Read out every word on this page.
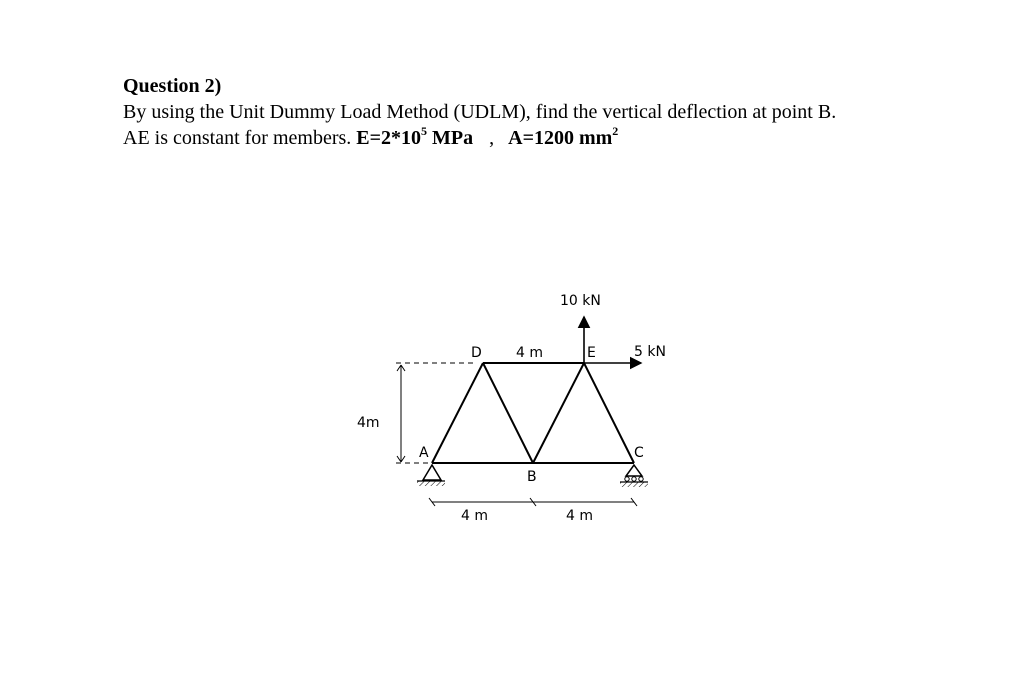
Question 2)
By using the Unit Dummy Load Method (UDLM), find the vertical deflection at point B.
AE is constant for members. $E=2*10^5$ MPa , A=1200 $mm^2$
10 kN
5 kN
D 4 m	E
4m
A	C
B
4 m	4 m
